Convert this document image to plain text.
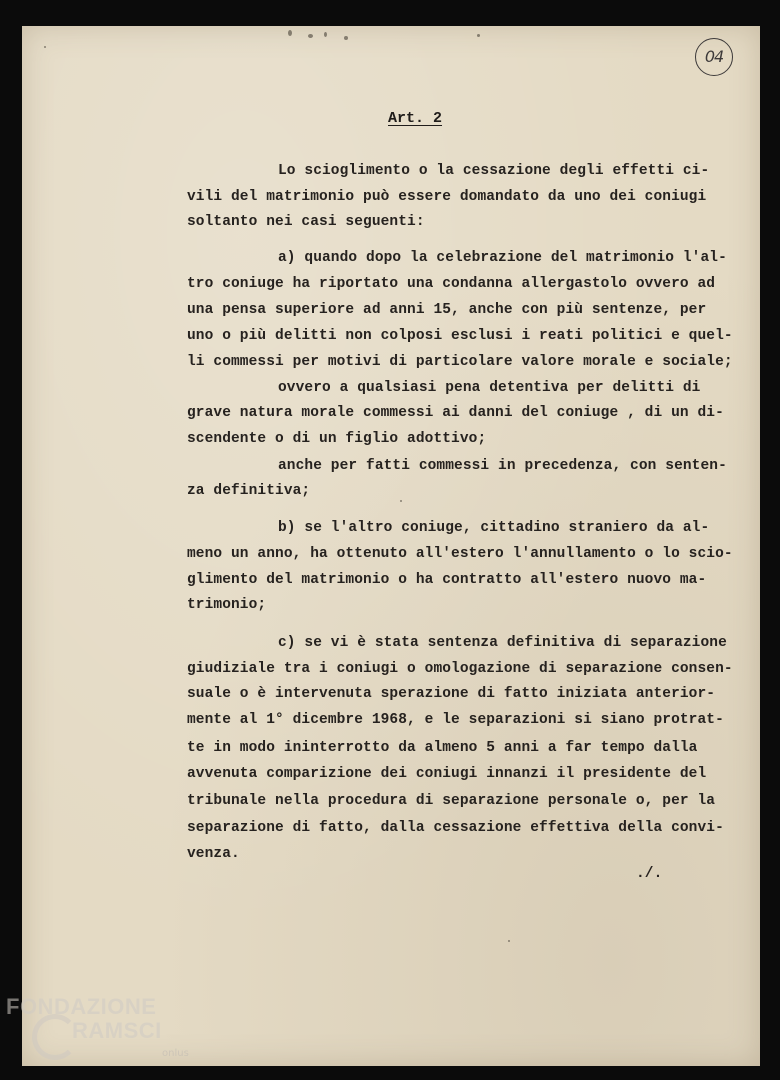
04
Art. 2
Lo scioglimento o la cessazione degli effetti ci-
vili del matrimonio può essere domandato da uno dei coniugi
soltanto nei casi seguenti:
a) quando dopo la celebrazione del matrimonio l'al-
tro coniuge ha riportato una condanna allergastolo ovvero ad
una pensa superiore ad anni 15, anche con più sentenze, per
uno o più delitti non colposi esclusi i reati politici e quel-
li commessi per motivi di particolare valore morale e sociale;
ovvero a qualsiasi pena detentiva per delitti di
grave natura morale commessi ai danni del coniuge , di un di-
scendente o di un figlio adottivo;
anche per fatti commessi in precedenza, con senten-
za definitiva;
b) se l'altro coniuge, cittadino straniero da al-
meno un anno, ha ottenuto all'estero l'annullamento o lo scio-
glimento del matrimonio o ha contratto all'estero nuovo ma-
trimonio;
c) se vi è stata sentenza definitiva di separazione
giudiziale tra i coniugi o omologazione di separazione consen-
suale o è intervenuta sperazione di fatto iniziata anterior-
mente al 1° dicembre 1968, e le separazioni si siano protrat-
te in modo ininterrotto da almeno 5 anni a far tempo dalla
avvenuta comparizione dei coniugi innanzi il presidente del
tribunale nella procedura di separazione personale o, per la
separazione di fatto, dalla cessazione effettiva della convi-
venza.
./.
FONDAZIONE
RAMSCI
onlus
